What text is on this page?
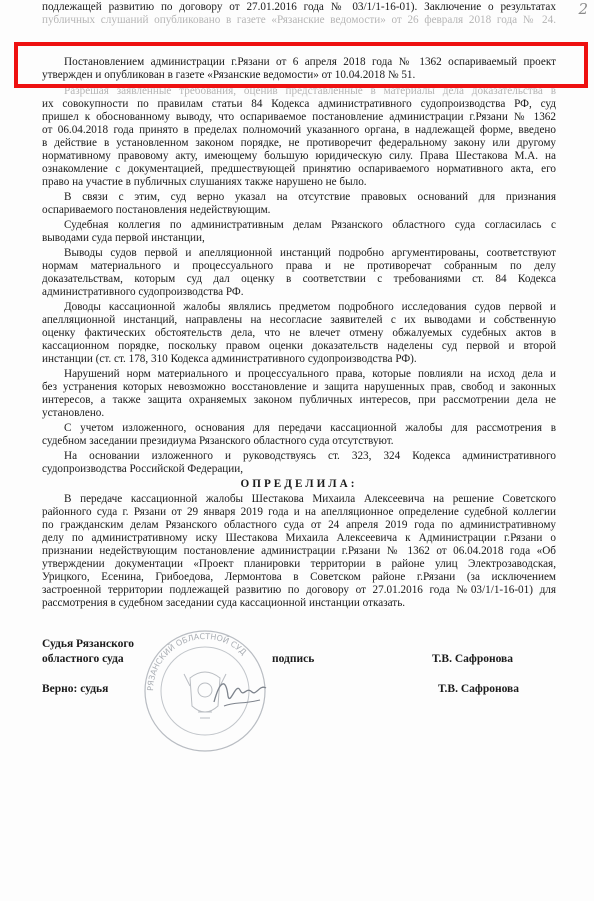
2
подлежащей развитию по договору от 27.01.2016 года № 03/1/1-16-01). Заключение о результатах
публичных слушаний опубликовано в газете «Рязанские ведомости» от 26 февраля 2018 года № 24.
Постановлением администрации г.Рязани от 6 апреля 2018 года № 1362 оспариваемый проект
утвержден и опубликован в газете «Рязанские ведомости» от 10.04.2018 № 51.
Разрешая заявленные требования, оценив представленные в материалы дела доказательства в
их совокупности по правилам статьи 84 Кодекса административного судопроизводства РФ, суд
пришел к обоснованному выводу, что оспариваемое постановление администрации г.Рязани № 1362
от 06.04.2018 года принято в пределах полномочий указанного органа, в надлежащей форме, введено
в действие в установленном законом порядке, не противоречит федеральному закону или другому
нормативному правовому акту, имеющему большую юридическую силу. Права Шестакова М.А. на
ознакомление с документацией, предшествующей принятию оспариваемого нормативного акта, его
право на участие в публичных слушаниях также нарушено не было.
В связи с этим, суд верно указал на отсутствие правовых оснований для признания
оспариваемого постановления недействующим.
Судебная коллегия по административным делам Рязанского областного суда согласилась с
выводами суда первой инстанции,
Выводы судов первой и апелляционной инстанций подробно аргументированы, соответствуют
нормам материального и процессуального права и не противоречат собранным по делу
доказательствам, которым суд дал оценку в соответствии с требованиями ст. 84 Кодекса
административного судопроизводства РФ.
Доводы кассационной жалобы являлись предметом подробного исследования судов первой и
апелляционной инстанций, направлены на несогласие заявителей с их выводами и собственную
оценку фактических обстоятельств дела, что не влечет отмену обжалуемых судебных актов в
кассационном порядке, поскольку правом оценки доказательств наделены суд первой и второй
инстанции (ст. ст. 178, 310 Кодекса административного судопроизводства РФ).
Нарушений норм материального и процессуального права, которые повлияли на исход дела и
без устранения которых невозможно восстановление и защита нарушенных прав, свобод и законных
интересов, а также защита охраняемых законом публичных интересов, при рассмотрении дела не
установлено.
С учетом изложенного, основания для передачи кассационной жалобы для рассмотрения в
судебном заседании президиума Рязанского областного суда отсутствуют.
На основании изложенного и руководствуясь ст. 323, 324 Кодекса административного
судопроизводства Российской Федерации,
ОПРЕДЕЛИЛА:
В передаче кассационной жалобы Шестакова Михаила Алексеевича на решение Советского
районного суда г. Рязани от 29 января 2019 года и на апелляционное определение судебной коллегии
по гражданским делам Рязанского областного суда от 24 апреля 2019 года по административному
делу по административному иску Шестакова Михаила Алексеевича к Администрации г.Рязани о
признании недействующим постановление администрации г.Рязани № 1362 от 06.04.2018 года «Об
утверждении документации «Проект планировки территории в районе улиц Электрозаводская,
Урицкого, Есенина, Грибоедова, Лермонтова в Советском районе г.Рязани (за исключением
застроенной территории подлежащей развитию по договору от 27.01.2016 года №03/1/1-16-01) для
рассмотрения в судебном заседании суда кассационной инстанции отказать.
РЯЗАНСКИЙ ОБЛАСТНОЙ СУД
Судья Рязанского
областного суда	подпись	Т.В. Сафронова
Верно: судья	Т.В. Сафронова
